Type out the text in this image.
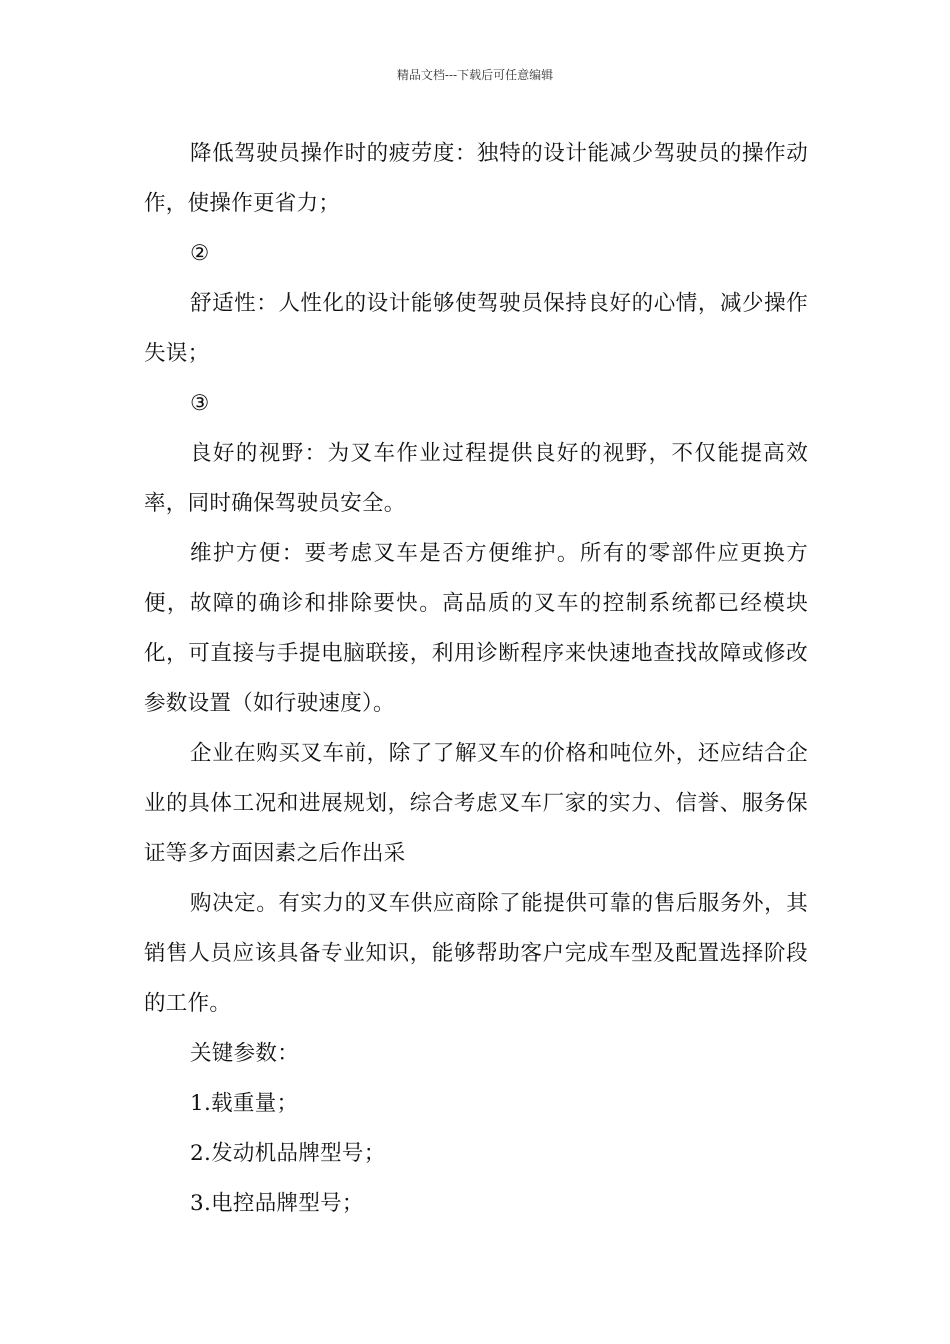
精品文档---下载后可任意编辑

降低驾驶员操作时的疲劳度：独特的设计能减少驾驶员的操作动作，使操作更省力；

②

舒适性：人性化的设计能够使驾驶员保持良好的心情，减少操作失误；

③

良好的视野：为叉车作业过程提供良好的视野，不仅能提高效率，同时确保驾驶员安全。

维护方便：要考虑叉车是否方便维护。所有的零部件应更换方便，故障的确诊和排除要快。高品质的叉车的控制系统都已经模块化，可直接与手提电脑联接，利用诊断程序来快速地查找故障或修改参数设置（如行驶速度）。

企业在购买叉车前，除了了解叉车的价格和吨位外，还应结合企业的具体工况和进展规划，综合考虑叉车厂家的实力、信誉、服务保证等多方面因素之后作出采

购决定。有实力的叉车供应商除了能提供可靠的售后服务外，其销售人员应该具备专业知识，能够帮助客户完成车型及配置选择阶段的工作。

关键参数：

1.载重量；

2.发动机品牌型号；

3.电控品牌型号；
